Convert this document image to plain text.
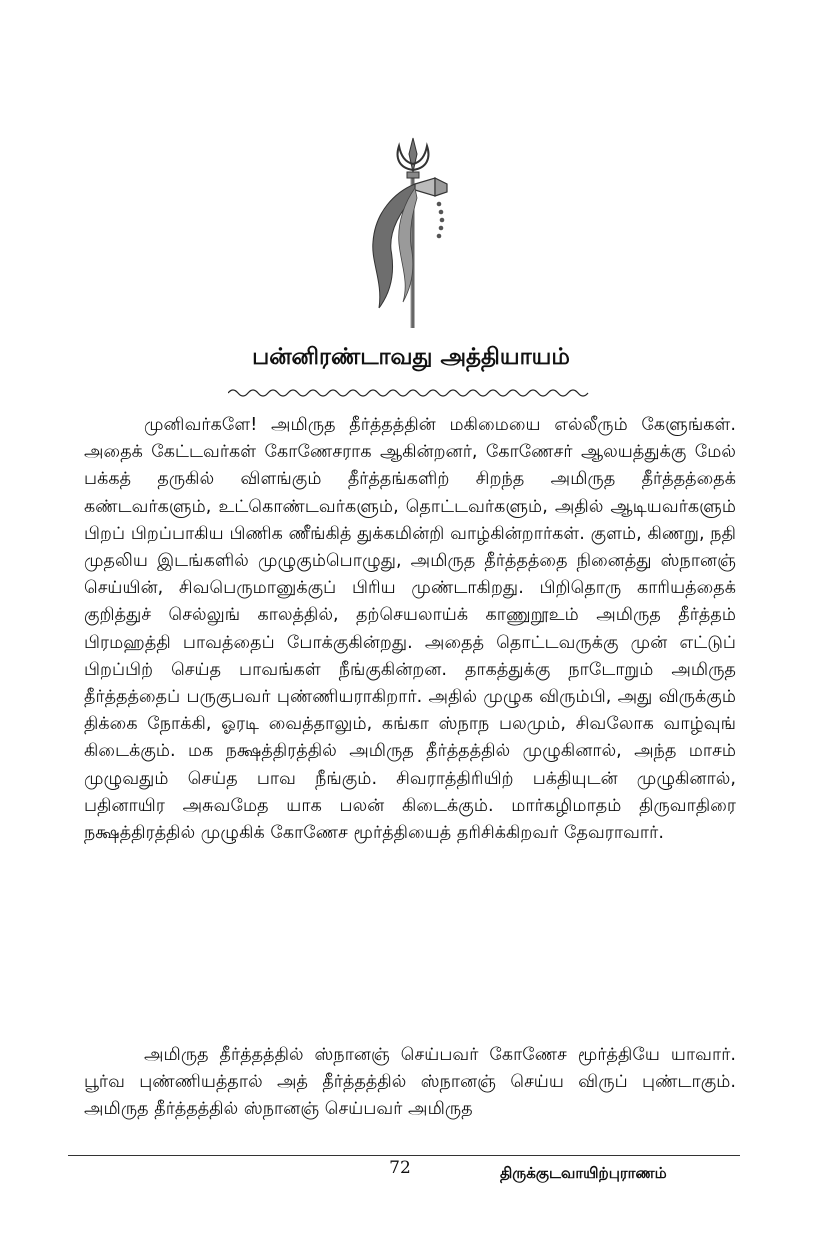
பன்னிரண்டாவது அத்தியாயம்

முனிவர்களே! அமிருத தீர்த்தத்தின் மகிமையை எல்லீரும் கேளுங்கள். அதைக் கேட்டவர்கள் கோணேசராக ஆகின்றனர், கோணேசர் ஆலயத்துக்கு மேல் பக்கத் தருகில் விளங்கும் தீர்த்தங்களிற் சிறந்த அமிருத தீர்த்தத்தைக் கண்டவர்களும், உட்கொண்டவர்களும், தொட்டவர்களும், அதில் ஆடியவர்களும் பிறப் பிறப்பாகிய பிணிக ணீங்கித் துக்கமின்றி வாழ்கின்றார்கள். குளம், கிணறு, நதி முதலிய இடங்களில் முழுகும்பொழுது, அமிருத தீர்த்தத்தை நினைத்து ஸ்நானஞ் செய்யின், சிவபெருமானுக்குப் பிரிய முண்டாகிறது. பிறிதொரு காரியத்தைக் குறித்துச் செல்லுங் காலத்தில், தற்செயலாய்க் காணுறூஉம் அமிருத தீர்த்தம் பிரமஹத்தி பாவத்தைப் போக்குகின்றது. அதைத் தொட்டவருக்கு முன் எட்டுப் பிறப்பிற் செய்த பாவங்கள் நீங்குகின்றன. தாகத்துக்கு நாடோறும் அமிருத தீர்த்தத்தைப் பருகுபவர் புண்ணியராகிறார். அதில் முழுக விரும்பி, அது விருக்கும் திக்கை நோக்கி, ஓரடி வைத்தாலும், கங்கா ஸ்நாந பலமும், சிவலோக வாழ்வுங் கிடைக்கும். மக நக்ஷத்திரத்தில் அமிருத தீர்த்தத்தில் முழுகினால், அந்த மாசம் முழுவதும் செய்த பாவ நீங்கும். சிவராத்திரியிற் பக்தியுடன் முழுகினால், பதினாயிர அசுவமேத யாக பலன் கிடைக்கும். மார்கழிமாதம் திருவாதிரை நக்ஷத்திரத்தில் முழுகிக் கோணேச மூர்த்தியைத் தரிசிக்கிறவர் தேவராவார்.

அமிருத தீர்த்தத்தில் ஸ்நானஞ் செய்பவர் கோணேச மூர்த்தியே யாவார். பூர்வ புண்ணியத்தால் அத் தீர்த்தத்தில் ஸ்நானஞ் செய்ய விருப் புண்டாகும். அமிருத தீர்த்தத்தில் ஸ்நானஞ் செய்பவர் அமிருத

72	திருக்குடவாயிற்புராணம்
